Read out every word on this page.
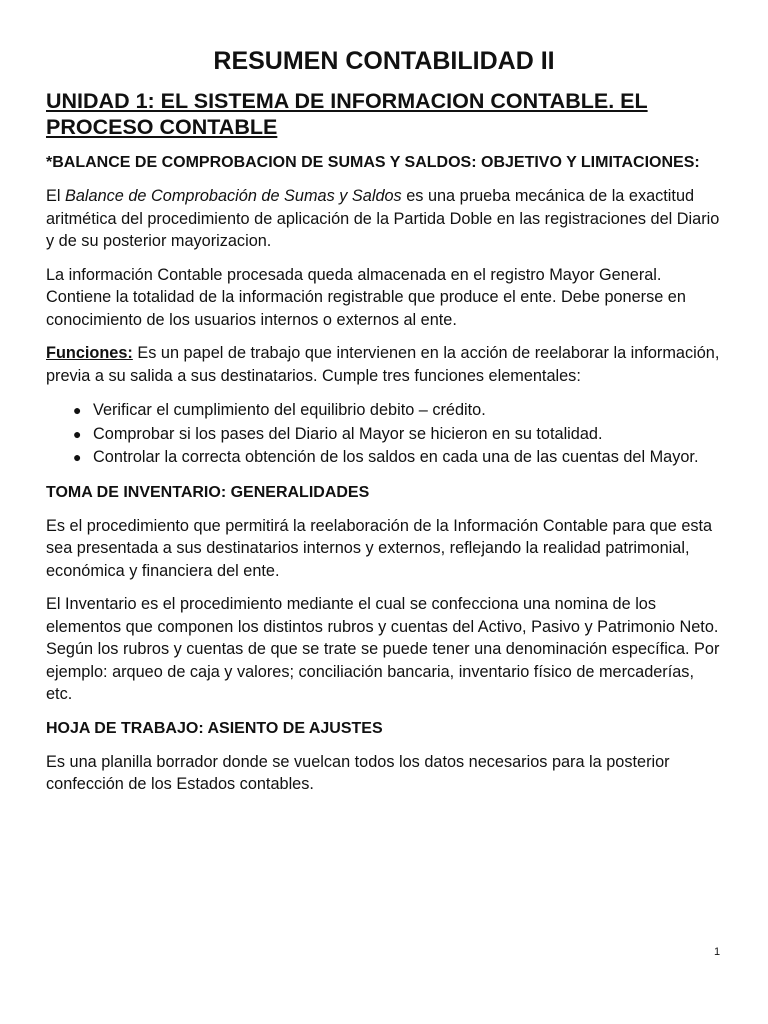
RESUMEN CONTABILIDAD II
UNIDAD 1: EL SISTEMA DE INFORMACION CONTABLE. EL PROCESO CONTABLE
*BALANCE DE COMPROBACION DE SUMAS Y SALDOS: OBJETIVO Y LIMITACIONES:

El Balance de Comprobación de Sumas y Saldos es una prueba mecánica de la exactitud aritmética del procedimiento de aplicación de la Partida Doble en las registraciones del Diario y de su posterior mayorizacion.

La información Contable procesada queda almacenada en el registro Mayor General. Contiene la totalidad de la información registrable que produce el ente. Debe ponerse en conocimiento de los usuarios internos o externos al ente.

Funciones: Es un papel de trabajo que intervienen en la acción de reelaborar la información, previa a su salida a sus destinatarios. Cumple tres funciones elementales:

● Verificar el cumplimiento del equilibrio debito – crédito.
● Comprobar si los pases del Diario al Mayor se hicieron en su totalidad.
● Controlar la correcta obtención de los saldos en cada una de las cuentas del Mayor.
TOMA DE INVENTARIO: GENERALIDADES

Es el procedimiento que permitirá la reelaboración de la Información Contable para que esta sea presentada a sus destinatarios internos y externos, reflejando la realidad patrimonial, económica y financiera del ente.

El Inventario es el procedimiento mediante el cual se confecciona una nomina de los elementos que componen los distintos rubros y cuentas del Activo, Pasivo y Patrimonio Neto.

Según los rubros y cuentas de que se trate se puede tener una denominación específica. Por ejemplo: arqueo de caja y valores; conciliación bancaria, inventario físico de mercaderías, etc.

HOJA DE TRABAJO: ASIENTO DE AJUSTES

Es una planilla borrador donde se vuelcan todos los datos necesarios para la posterior confección de los Estados contables.

1
